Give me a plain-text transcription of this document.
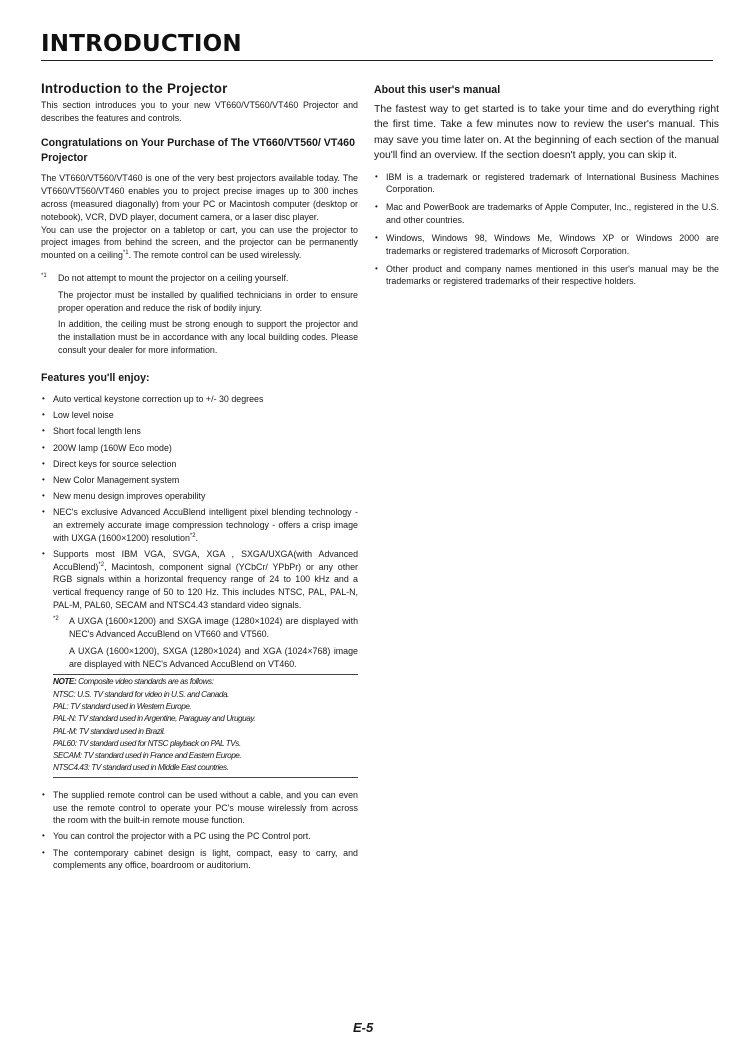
INTRODUCTION
Introduction to the Projector

This section introduces you to your new VT660/VT560/VT460 Projector and describes the features and controls.

Congratulations on Your Purchase of The VT660/VT560/ VT460 Projector

The VT660/VT560/VT460 is one of the very best projectors available today. The VT660/VT560/VT460 enables you to project precise images up to 300 inches across (measured diagonally) from your PC or Macintosh computer (desktop or notebook), VCR, DVD player, document camera, or a laser disc player.

You can use the projector on a tabletop or cart, you can use the projector to project images from behind the screen, and the projector can be permanently mounted on a ceiling$^{*1}$. The remote control can be used wirelessly.

*1 Do not attempt to mount the projector on a ceiling yourself.

The projector must be installed by qualified technicians in order to ensure proper operation and reduce the risk of bodily injury.

In addition, the ceiling must be strong enough to support the projector and the installation must be in accordance with any local building codes. Please consult your dealer for more information.

Features you'll enjoy:
• Auto vertical keystone correction up to +/- 30 degrees
• Low level noise
• Short focal length lens
• 200W lamp (160W Eco mode)
• Direct keys for source selection
• New Color Management system
• New menu design improves operability
• NEC's exclusive Advanced AccuBlend intelligent pixel blending technology - an extremely accurate image compression technology - offers a crisp image with UXGA (1600×1200) resolution$^{*2}$.
• Supports most IBM VGA, SVGA, XGA , SXGA/UXGA(with Advanced AccuBlend)$^{*2}$, Macintosh, component signal (YCbCr/ YPbPr) or any other RGB signals within a horizontal frequency range of 24 to 100 kHz and a vertical frequency range of 50 to 120 Hz. This includes NTSC, PAL, PAL-N, PAL-M, PAL60, SECAM and NTSC4.43 standard video signals.
*2 A UXGA (1600×1200) and SXGA image (1280×1024) are displayed with NEC's Advanced AccuBlend on VT660 and VT560.

A UXGA (1600×1200), SXGA (1280×1024) and XGA (1024×768) image are displayed with NEC's Advanced AccuBlend on VT460.

NOTE: Composite video standards are as follows:

NTSC: U.S. TV standard for video in U.S. and Canada.

PAL: TV standard used in Western Europe.

PAL-N: TV standard used in Argentine, Paraguay and Uruguay.

PAL-M: TV standard used in Brazil.

PAL60: TV standard used for NTSC playback on PAL TVs.

SECAM: TV standard used in France and Eastern Europe.

NTSC4.43: TV standard used in Middle East countries.

• The supplied remote control can be used without a cable, and you can even use the remote control to operate your PC's mouse wirelessly from across the room with the built-in remote mouse function.
• You can control the projector with a PC using the PC Control port.
• The contemporary cabinet design is light, compact, easy to carry, and complements any office, boardroom or auditorium.
About this user's manual

The fastest way to get started is to take your time and do everything right the first time. Take a few minutes now to review the user's manual. This may save you time later on. At the beginning of each section of the manual you'll find an overview. If the section doesn't apply, you can skip it.

• IBM is a trademark or registered trademark of International Business Machines Corporation.
• Mac and PowerBook are trademarks of Apple Computer, Inc., registered in the U.S. and other countries.
• Windows, Windows 98, Windows Me, Windows XP or Windows 2000 are trademarks or registered trademarks of Microsoft Corporation.
• Other product and company names mentioned in this user's manual may be the trademarks or registered trademarks of their respective holders.
E-5
